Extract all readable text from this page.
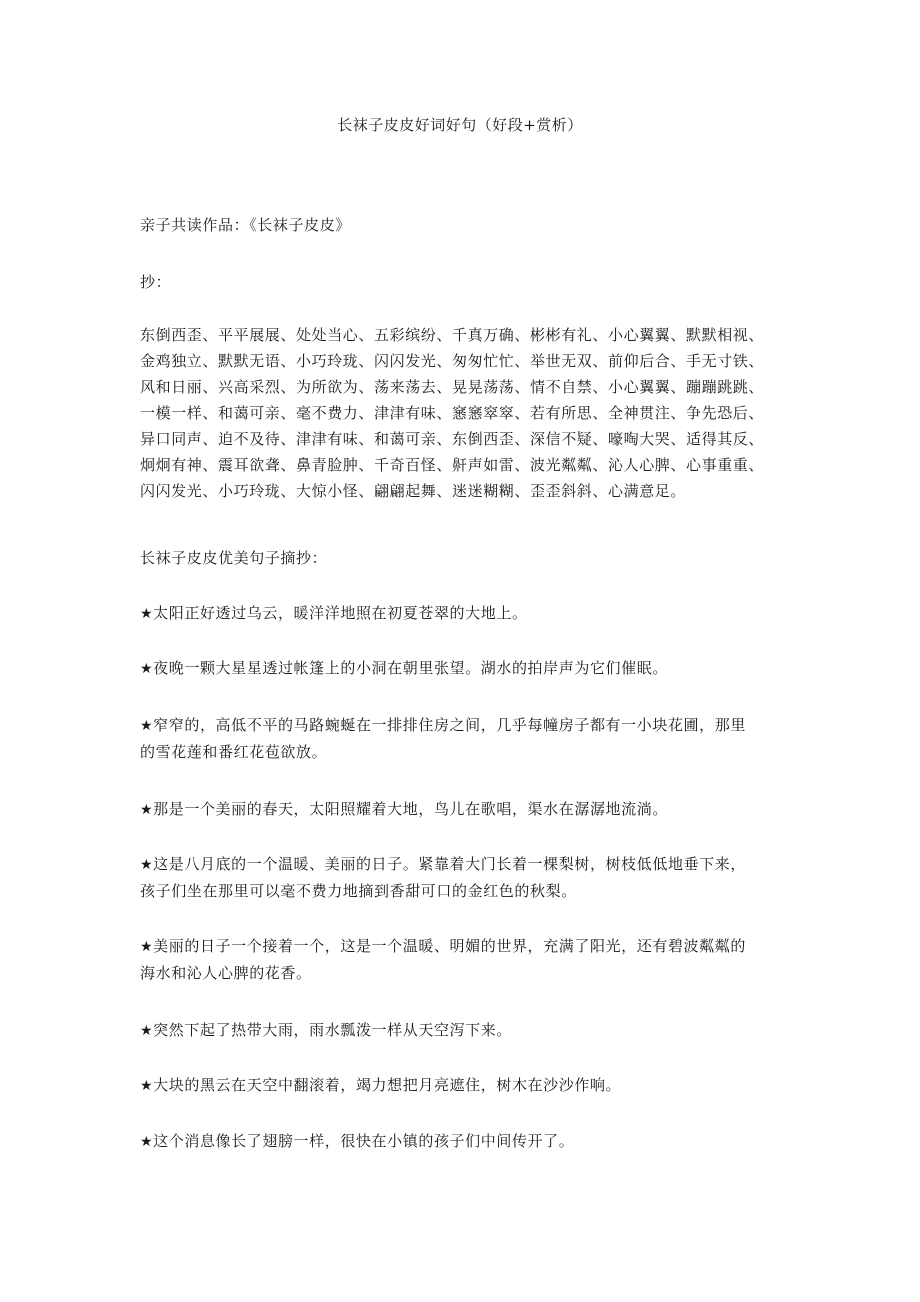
长袜子皮皮好词好句（好段+赏析）

亲子共读作品：《长袜子皮皮》

抄：

东倒西歪、平平展展、处处当心、五彩缤纷、千真万确、彬彬有礼、小心翼翼、默默相视、
金鸡独立、默默无语、小巧玲珑、闪闪发光、匆匆忙忙、举世无双、前仰后合、手无寸铁、
风和日丽、兴高采烈、为所欲为、荡来荡去、晃晃荡荡、情不自禁、小心翼翼、蹦蹦跳跳、
一模一样、和蔼可亲、毫不费力、津津有味、窸窸窣窣、若有所思、全神贯注、争先恐后、
异口同声、迫不及待、津津有味、和蔼可亲、东倒西歪、深信不疑、嚎啕大哭、适得其反、
炯炯有神、震耳欲聋、鼻青脸肿、千奇百怪、鼾声如雷、波光粼粼、沁人心脾、心事重重、
闪闪发光、小巧玲珑、大惊小怪、翩翩起舞、迷迷糊糊、歪歪斜斜、心满意足。

长袜子皮皮优美句子摘抄：

★太阳正好透过乌云，暖洋洋地照在初夏苍翠的大地上。
★夜晚一颗大星星透过帐篷上的小洞在朝里张望。湖水的拍岸声为它们催眠。
★窄窄的，高低不平的马路蜿蜒在一排排住房之间，几乎每幢房子都有一小块花圃，那里
的雪花莲和番红花苞欲放。
★那是一个美丽的春天，太阳照耀着大地，鸟儿在歌唱，渠水在潺潺地流淌。
★这是八月底的一个温暖、美丽的日子。紧靠着大门长着一棵梨树，树枝低低地垂下来，
孩子们坐在那里可以毫不费力地摘到香甜可口的金红色的秋梨。
★美丽的日子一个接着一个，这是一个温暖、明媚的世界，充满了阳光，还有碧波粼粼的
海水和沁人心脾的花香。
★突然下起了热带大雨，雨水瓢泼一样从天空泻下来。
★大块的黑云在天空中翻滚着，竭力想把月亮遮住，树木在沙沙作响。
★这个消息像长了翅膀一样，很快在小镇的孩子们中间传开了。
